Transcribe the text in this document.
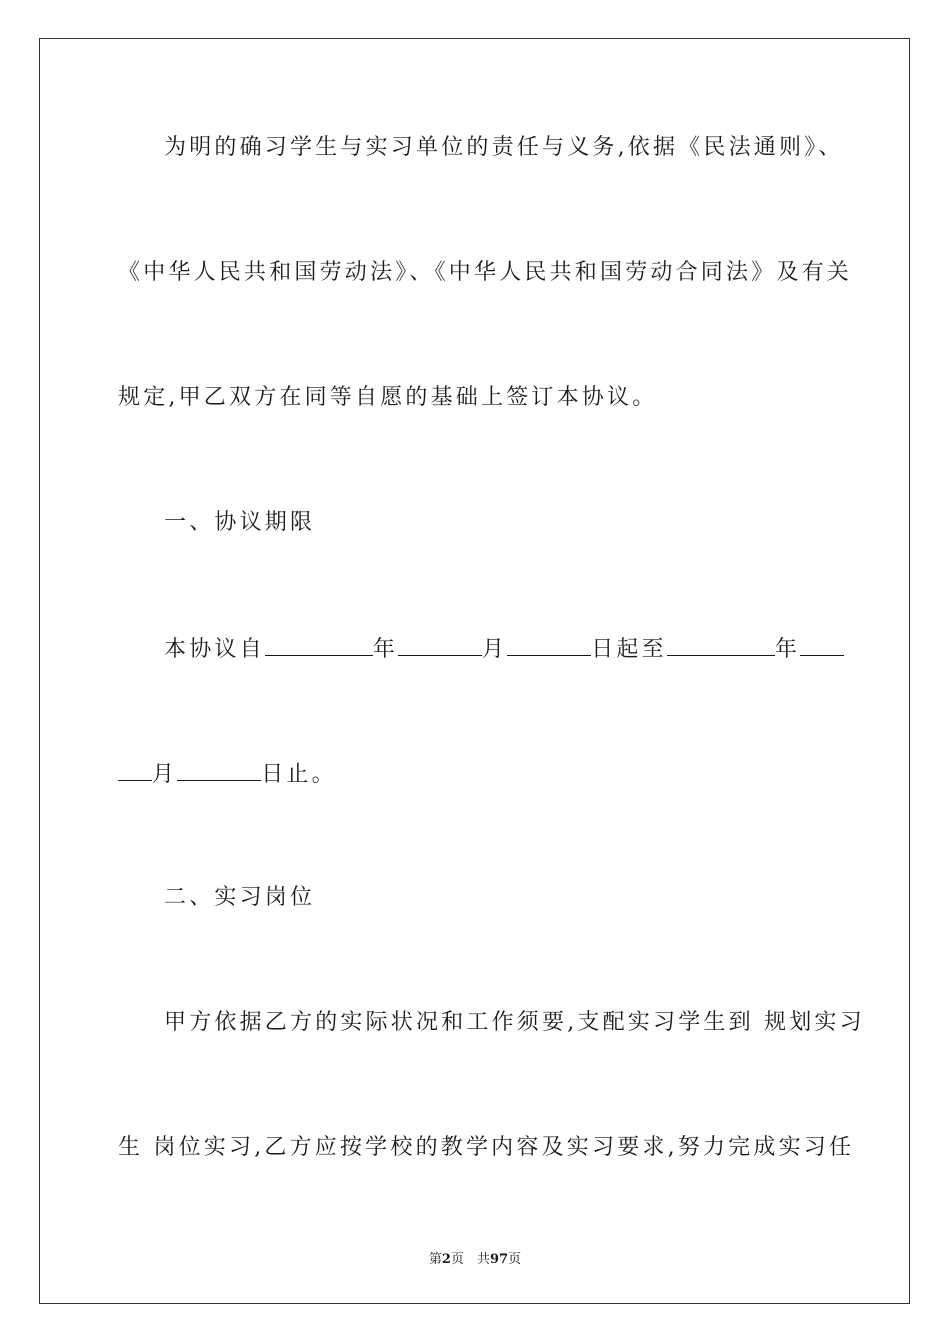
为明的确习学生与实习单位的责任与义务,依据《民法通则》、
《中华人民共和国劳动法》、《中华人民共和国劳动合同法》及有关
规定,甲乙双方在同等自愿的基础上签订本协议。
一、协议期限
本协议自	年	月	日起至	年
月	日止。
二、实习岗位
甲方依据乙方的实际状况和工作须要,支配实习学生到 规划实习
生 岗位实习,乙方应按学校的教学内容及实习要求,努力完成实习任
第2页　共97页
